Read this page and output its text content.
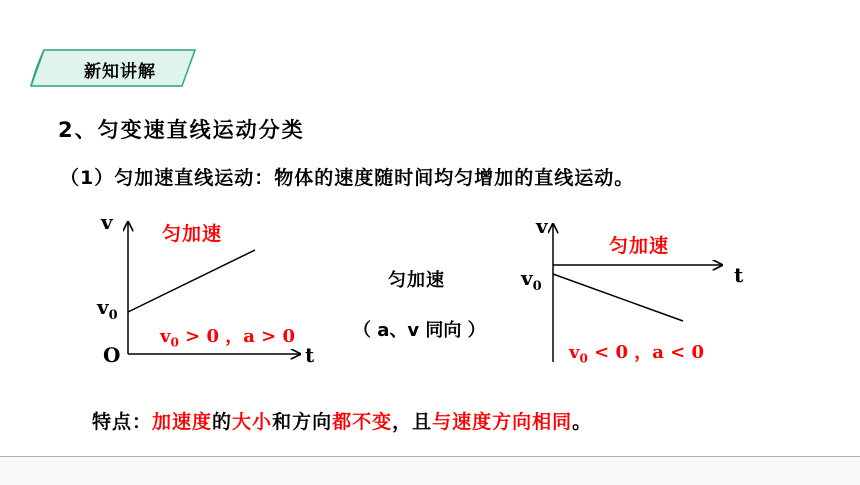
新知讲解
2、匀变速直线运动分类
（1）匀加速直线运动：物体的速度随时间均匀增加的直线运动。
v
t
O
$v_0$
匀加速
$v_0 > 0$ ，a > 0
v
t
$v_0$
匀加速
$v_0 < 0$ ，a < 0
匀加速
（ a、v 同向 ）
特点：加速度的大小和方向都不变，且与速度方向相同。
